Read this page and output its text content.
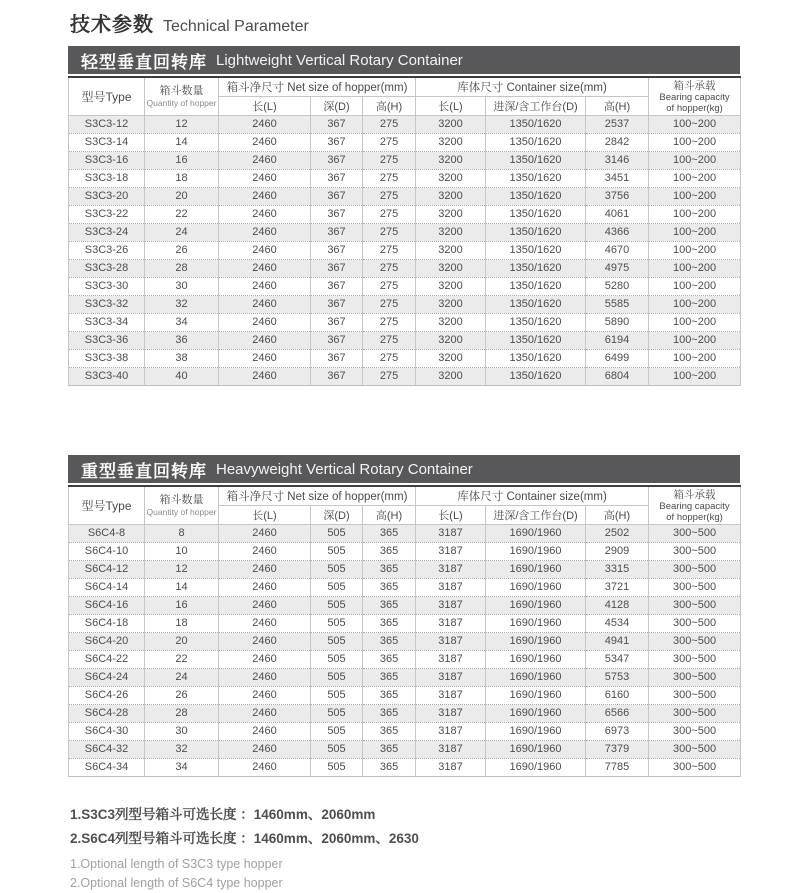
技术参数 Technical Parameter
轻型垂直回转库 Lightweight Vertical Rotary Container
型号Type	箱斗数量
Quantity of hopper
	箱斗净尺寸 Net size of hopper(mm)	库体尺寸 Container size(mm)	箱斗承载
Bearing capacity
of hopper(kg)

		长(L)	深(D)	高(H)	长(L)	进深/含工作台(D)	高(H)	
S3C3-12	12	2460	367	275	3200	1350/1620	2537	100~200
S3C3-14	14	2460	367	275	3200	1350/1620	2842	100~200
S3C3-16	16	2460	367	275	3200	1350/1620	3146	100~200
S3C3-18	18	2460	367	275	3200	1350/1620	3451	100~200
S3C3-20	20	2460	367	275	3200	1350/1620	3756	100~200
S3C3-22	22	2460	367	275	3200	1350/1620	4061	100~200
S3C3-24	24	2460	367	275	3200	1350/1620	4366	100~200
S3C3-26	26	2460	367	275	3200	1350/1620	4670	100~200
S3C3-28	28	2460	367	275	3200	1350/1620	4975	100~200
S3C3-30	30	2460	367	275	3200	1350/1620	5280	100~200
S3C3-32	32	2460	367	275	3200	1350/1620	5585	100~200
S3C3-34	34	2460	367	275	3200	1350/1620	5890	100~200
S3C3-36	36	2460	367	275	3200	1350/1620	6194	100~200
S3C3-38	38	2460	367	275	3200	1350/1620	6499	100~200
S3C3-40	40	2460	367	275	3200	1350/1620	6804	100~200
重型垂直回转库 Heavyweight Vertical Rotary Container
型号Type	箱斗数量
Quantity of hopper
	箱斗净尺寸 Net size of hopper(mm)	库体尺寸 Container size(mm)	箱斗承载
Bearing capacity
of hopper(kg)

		长(L)	深(D)	高(H)	长(L)	进深/含工作台(D)	高(H)	
S6C4-8	8	2460	505	365	3187	1690/1960	2502	300~500
S6C4-10	10	2460	505	365	3187	1690/1960	2909	300~500
S6C4-12	12	2460	505	365	3187	1690/1960	3315	300~500
S6C4-14	14	2460	505	365	3187	1690/1960	3721	300~500
S6C4-16	16	2460	505	365	3187	1690/1960	4128	300~500
S6C4-18	18	2460	505	365	3187	1690/1960	4534	300~500
S6C4-20	20	2460	505	365	3187	1690/1960	4941	300~500
S6C4-22	22	2460	505	365	3187	1690/1960	5347	300~500
S6C4-24	24	2460	505	365	3187	1690/1960	5753	300~500
S6C4-26	26	2460	505	365	3187	1690/1960	6160	300~500
S6C4-28	28	2460	505	365	3187	1690/1960	6566	300~500
S6C4-30	30	2460	505	365	3187	1690/1960	6973	300~500
S6C4-32	32	2460	505	365	3187	1690/1960	7379	300~500
S6C4-34	34	2460	505	365	3187	1690/1960	7785	300~500
1.S3C3列型号箱斗可选长度 ：1460mm、2060mm
2.S6C4列型号箱斗可选长度 ：1460mm、2060mm、2630
1.Optional length of S3C3 type hopper
2.Optional length of S6C4 type hopper
